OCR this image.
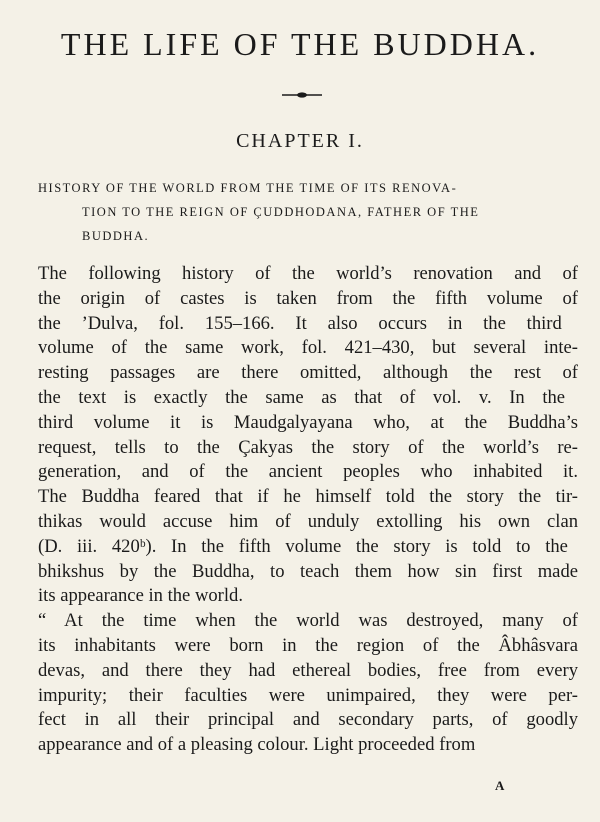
THE LIFE OF THE BUDDHA.
CHAPTER I.
HISTORY OF THE WORLD FROM THE TIME OF ITS RENOVA-
TION TO THE REIGN OF ÇUDDHODANA, FATHER OF THE
BUDDHA.
The following history of the world’s renovation and of
the origin of castes is taken from the fifth volume of
the ’Dulva, fol. 155–166. It also occurs in the third
volume of the same work, fol. 421–430, but several inte-
resting passages are there omitted, although the rest of
the text is exactly the same as that of vol. v. In the
third volume it is Maudgalyayana who, at the Buddha’s
request, tells to the Çakyas the story of the world’s re-
generation, and of the ancient peoples who inhabited it.
The Buddha feared that if he himself told the story the tir-
thikas would accuse him of unduly extolling his own clan
(D. iii. 420ᵇ). In the fifth volume the story is told to the
bhikshus by the Buddha, to teach them how sin first made
its appearance in the world.
“ At the time when the world was destroyed, many of
its inhabitants were born in the region of the Âbhâsvara
devas, and there they had ethereal bodies, free from every
impurity; their faculties were unimpaired, they were per-
fect in all their principal and secondary parts, of goodly
appearance and of a pleasing colour. Light proceeded from
A
